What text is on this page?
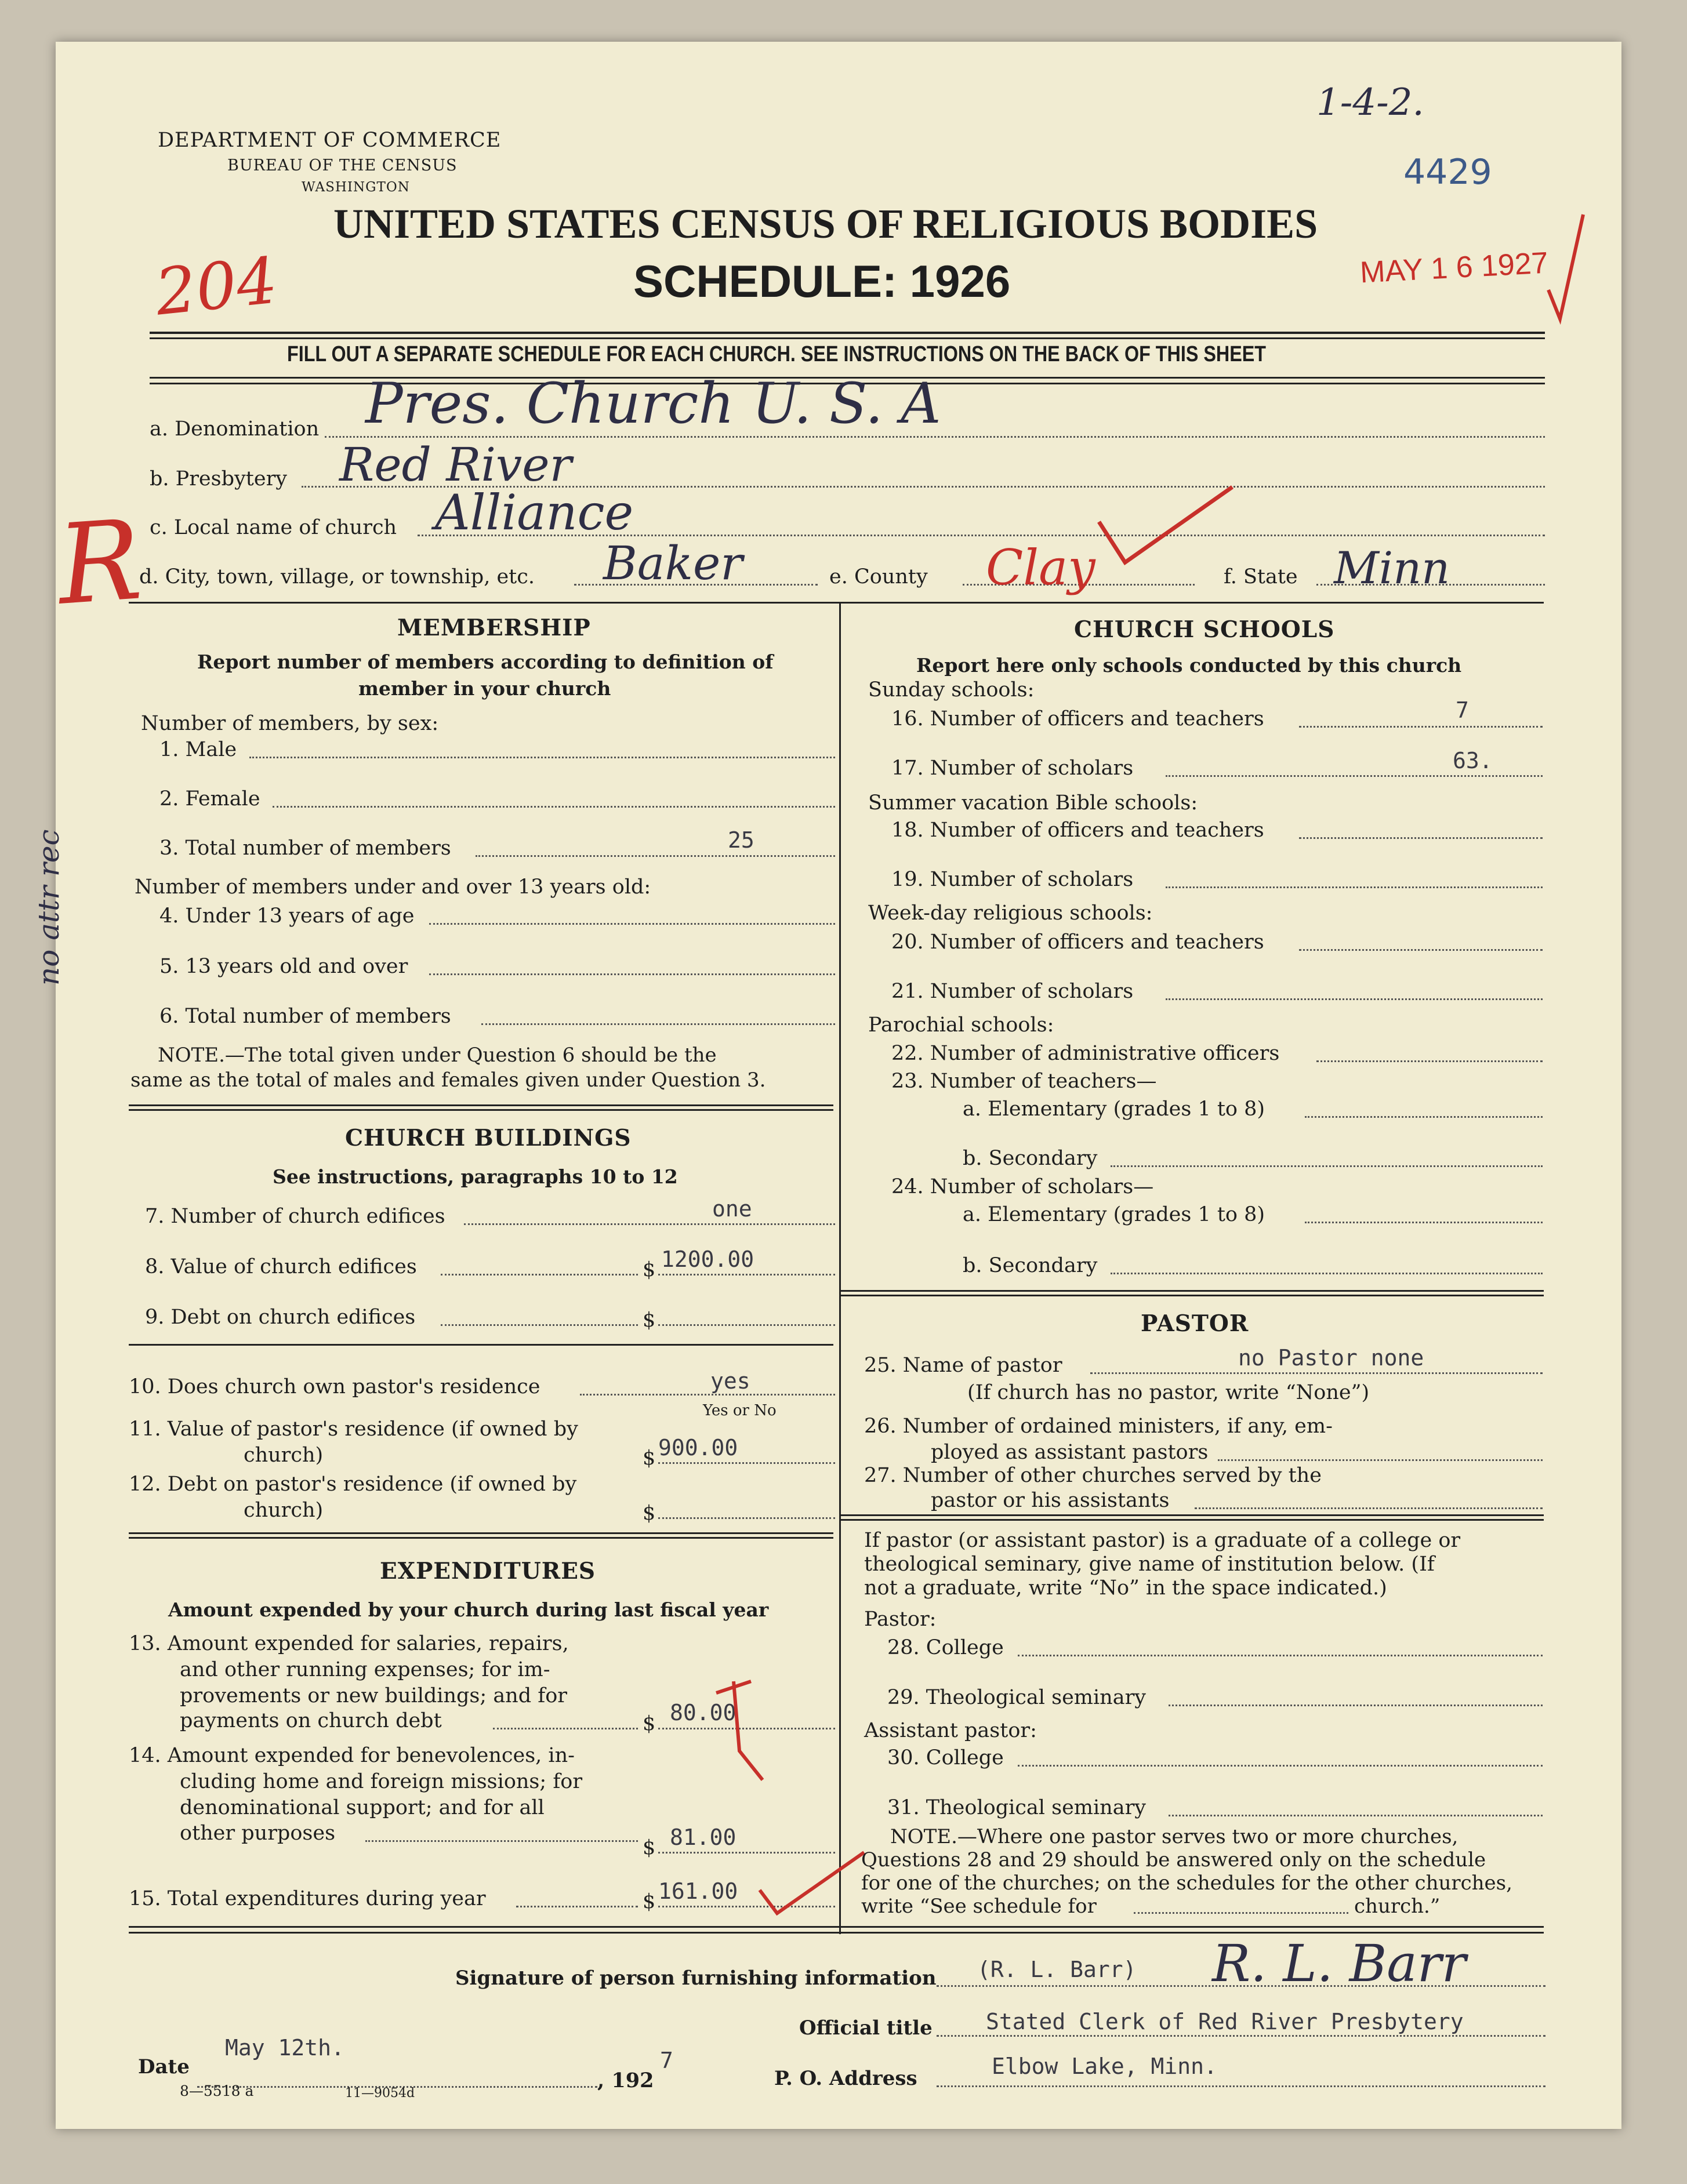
DEPARTMENT OF COMMERCE
BUREAU OF THE CENSUS
WASHINGTON
UNITED STATES CENSUS OF RELIGIOUS BODIES
SCHEDULE: 1926
1-4-2.
4429
MAY 1 6 1927
204
FILL OUT A SEPARATE SCHEDULE FOR EACH CHURCH. SEE INSTRUCTIONS ON THE BACK OF THIS SHEET
a. Denomination Pres. Church U. S. A
b. Presbytery Red River
c. Local name of church Alliance
d. City, town, village, or township, etc. Baker	e. County Clay	f. State Minn
R
no attr rec
MEMBERSHIP
Report number of members according to definition of
member in your church
Number of members, by sex:
1. Male
2. Female
3. Total number of members	25
Number of members under and over 13 years old:
4. Under 13 years of age
5. 13 years old and over
6. Total number of members
NOTE.—The total given under Question 6 should be the
same as the total of males and females given under Question 3.
CHURCH BUILDINGS
See instructions, paragraphs 10 to 12
7. Number of church edifices	one
8. Value of church edifices	$ 1200.00
9. Debt on church edifices	$
10. Does church own pastor's residence	yes
Yes or No
11. Value of pastor's residence (if owned by
church)	$ 900.00
12. Debt on pastor's residence (if owned by
church)	$
EXPENDITURES
Amount expended by your church during last fiscal year
13. Amount expended for salaries, repairs,
and other running expenses; for im-
provements or new buildings; and for
payments on church debt	$ 80.00
14. Amount expended for benevolences, in-
cluding home and foreign missions; for
denominational support; and for all
other purposes
$ 81.00
15. Total expenditures during year	$ 161.00
CHURCH SCHOOLS
Report here only schools conducted by this church
Sunday schools:
16. Number of officers and teachers	7
17. Number of scholars	63.
Summer vacation Bible schools:
18. Number of officers and teachers
19. Number of scholars
Week-day religious schools:
20. Number of officers and teachers
21. Number of scholars
Parochial schools:
22. Number of administrative officers
23. Number of teachers—
a. Elementary (grades 1 to 8)
b. Secondary
24. Number of scholars—
a. Elementary (grades 1 to 8)
b. Secondary
PASTOR
25. Name of pastor	no Pastor none
(If church has no pastor, write “None”)
26. Number of ordained ministers, if any, em-
ployed as assistant pastors
27. Number of other churches served by the
pastor or his assistants
If pastor (or assistant pastor) is a graduate of a college or
theological seminary, give name of institution below. (If
not a graduate, write “No” in the space indicated.)
Pastor:
28. College
29. Theological seminary
Assistant pastor:
30. College
31. Theological seminary
NOTE.—Where one pastor serves two or more churches,
Questions 28 and 29 should be answered only on the schedule
for one of the churches; on the schedules for the other churches,
write “See schedule for	church.”
Signature of person furnishing information (R. L. Barr) R. L. Barr
Official title Stated Clerk of Red River Presbytery
Date
May 12th.
, 192
7
P. O. Address	Elbow Lake, Minn.
8—5518 a	11—9054d
